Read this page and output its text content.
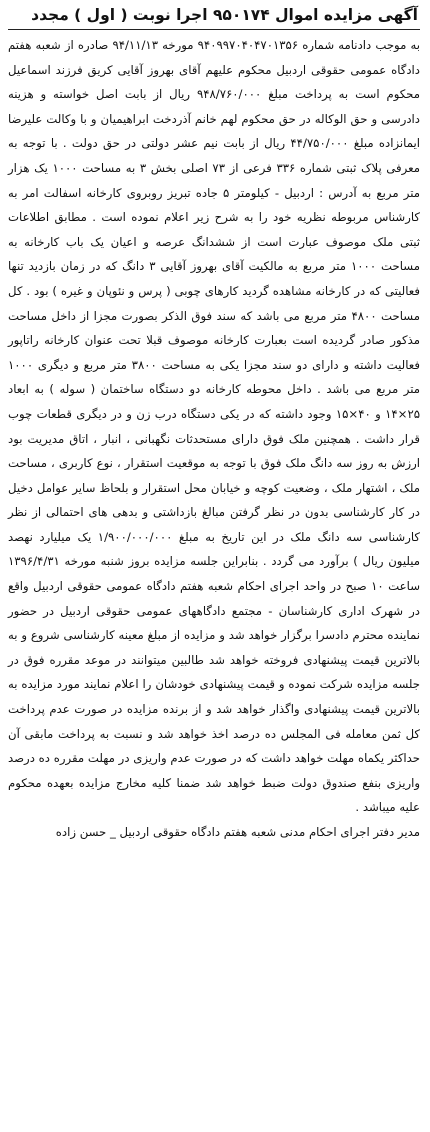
آگهی مزایده اموال ۹۵۰۱۷۴ اجرا نوبت ( اول ) مجدد

به موجب دادنامه شماره ۹۴۰۹۹۷۰۴۰۴۷۰۱۳۵۶ مورخه ۹۴/۱۱/۱۳ صادره از شعبه هفتم دادگاه عمومی حقوقی اردبیل محکوم علیهم آقای بهروز آقایی کریق فرزند اسماعیل محکوم است به پرداخت مبلغ ۹۴۸/۷۶۰/۰۰۰ ریال از بابت اصل خواسته و هزینه دادرسی و حق الوکاله در حق محکوم لهم خانم آذردخت ابراهیمیان و با وکالت علیرضا ایمانزاده مبلغ ۴۴/۷۵۰/۰۰۰ ریال از بابت نیم عشر دولتی در حق دولت . با توجه به معرفی پلاک ثبتی شماره ۳۳۶ فرعی از ۷۳ اصلی بخش ۳ به مساحت ۱۰۰۰ یک هزار متر مربع به آدرس : اردبیل - کیلومتر ۵ جاده تبریز روبروی کارخانه اسفالت امر به کارشناس مربوطه نظریه خود را به شرح زیر اعلام نموده است . مطابق اطلاعات ثبتی ملک موصوف عبارت است از ششدانگ عرصه و اعیان یک باب کارخانه به مساحت ۱۰۰۰ متر مربع به مالکیت آقای بهروز آقایی ۳ دانگ که در زمان بازدید تنها فعالیتی که در کارخانه مشاهده گردید کارهای چوبی ( پرس و نئوپان و غیره ) بود . کل مساحت ۴۸۰۰ متر مربع می باشد که سند فوق الذکر بصورت مجزا از داخل مساحت مذکور صادر گردیده است بعبارت کارخانه موصوف قبلا تحت عنوان کارخانه راتاپور فعالیت داشته و دارای دو سند مجزا یکی به مساحت ۳۸۰۰ متر مربع و دیگری ۱۰۰۰ متر مربع می باشد . داخل محوطه کارخانه دو دستگاه ساختمان ( سوله ) به ابعاد ۲۵×۱۴ و ۴۰×۱۵ وجود داشته که در یکی دستگاه درب زن و در دیگری قطعات چوب قرار داشت . همچنین ملک فوق دارای مستحدثات نگهبانی ، انبار ، اتاق مدیریت بود ارزش به روز سه دانگ ملک فوق با توجه به موقعیت استقرار ، نوع کاربری ، مساحت ملک ، اشتهار ملک ، وضعیت کوچه و خیابان محل استقرار و بلحاظ سایر عوامل دخیل در کار کارشناسی بدون در نظر گرفتن مبالغ بازداشتی و بدهی های احتمالی از نظر کارشناسی سه دانگ ملک در این تاریخ به مبلغ ۱/۹۰۰/۰۰۰/۰۰۰ یک میلیارد نهصد میلیون ریال ) برآورد می گردد . بنابراین جلسه مزایده بروز شنبه مورخه ۱۳۹۶/۴/۳۱ ساعت ۱۰ صبح در واحد اجرای احکام شعبه هفتم دادگاه عمومی حقوقی اردبیل واقع در شهرک اداری کارشناسان - مجتمع دادگاههای عمومی حقوقی اردبیل در حضور نماینده محترم دادسرا برگزار خواهد شد و مزایده از مبلغ معینه کارشناسی شروع و به بالاترین قیمت پیشنهادی فروخته خواهد شد طالبین میتوانند در موعد مقرره فوق در جلسه مزایده شرکت نموده و قیمت پیشنهادی خودشان را اعلام نمایند مورد مزایده به بالاترین قیمت پیشنهادی واگذار خواهد شد و از برنده مزایده در صورت عدم پرداخت کل ثمن معامله فی المجلس ده درصد اخذ خواهد شد و نسبت به پرداخت مابقی آن حداکثر یکماه مهلت خواهد داشت که در صورت عدم واریزی در مهلت مقرره ده درصد واریزی بنفع صندوق دولت ضبط خواهد شد ضمنا کلیه مخارج مزایده بعهده محکوم علیه میباشد .

مدیر دفتر اجرای احکام مدنی شعبه هفتم دادگاه حقوقی اردبیل _ حسن زاده
